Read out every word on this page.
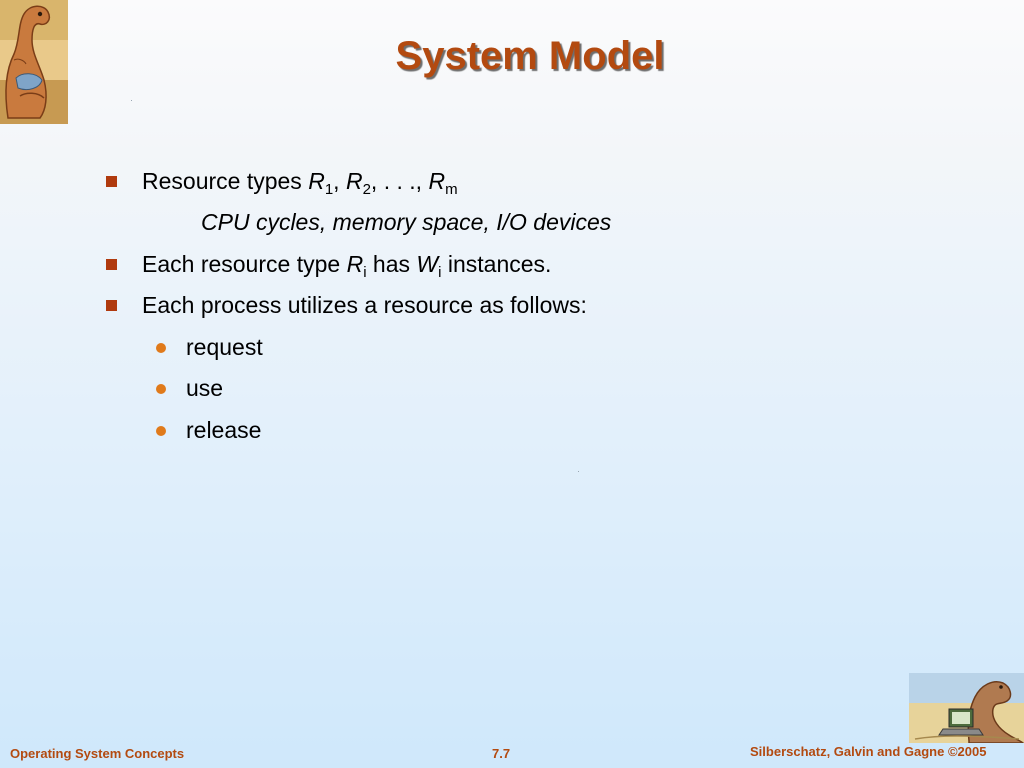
System Model
Resource types $R_1$, $R_2$, . . ., $R_m$
CPU cycles, memory space, I/O devices
Each resource type $R_i$ has $W_i$ instances.
Each process utilizes a resource as follows:
request
use
release
Operating System Concepts	7.7	Silberschatz, Galvin and Gagne ©2005
